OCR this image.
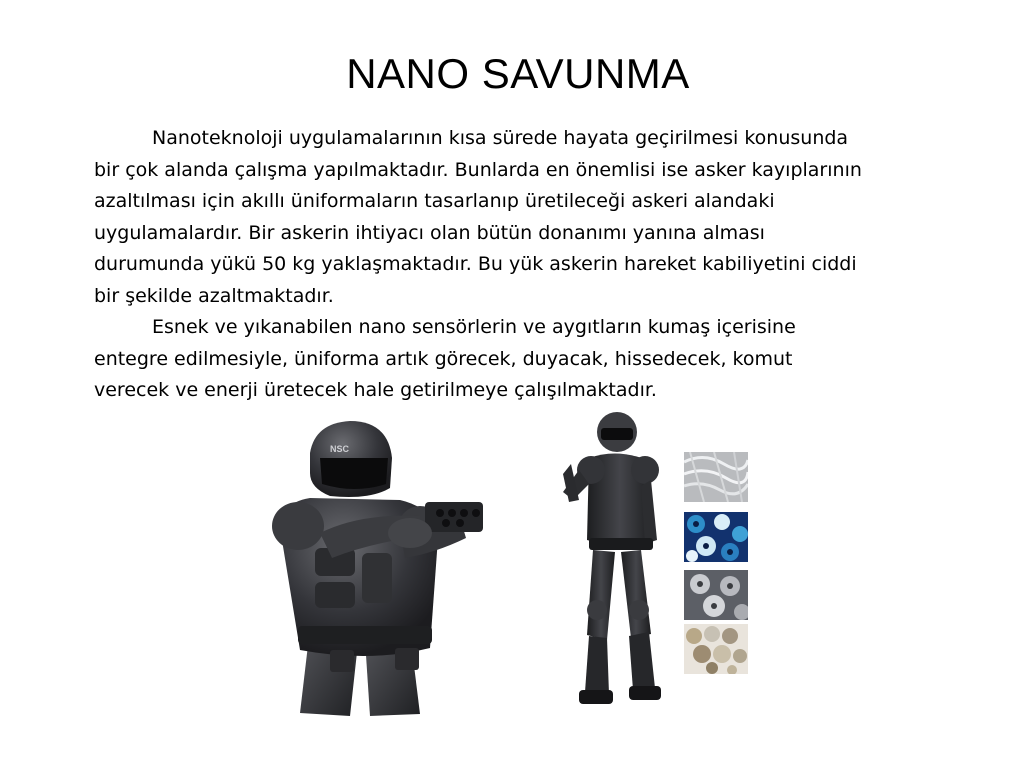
NANO SAVUNMA

Nanoteknoloji uygulamalarının kısa sürede hayata geçirilmesi konusunda
bir çok alanda çalışma yapılmaktadır. Bunlarda en önemlisi ise asker kayıplarının
azaltılması için akıllı üniformaların tasarlanıp üretileceği askeri alandaki
uygulamalardır. Bir askerin ihtiyacı olan bütün donanımı yanına alması
durumunda yükü 50 kg yaklaşmaktadır. Bu yük askerin hareket kabiliyetini ciddi
bir şekilde azaltmaktadır.

Esnek ve yıkanabilen nano sensörlerin ve aygıtların kumaş içerisine
entegre edilmesiyle, üniforma artık görecek, duyacak, hissedecek, komut
verecek ve enerji üretecek hale getirilmeye çalışılmaktadır.

NSC
